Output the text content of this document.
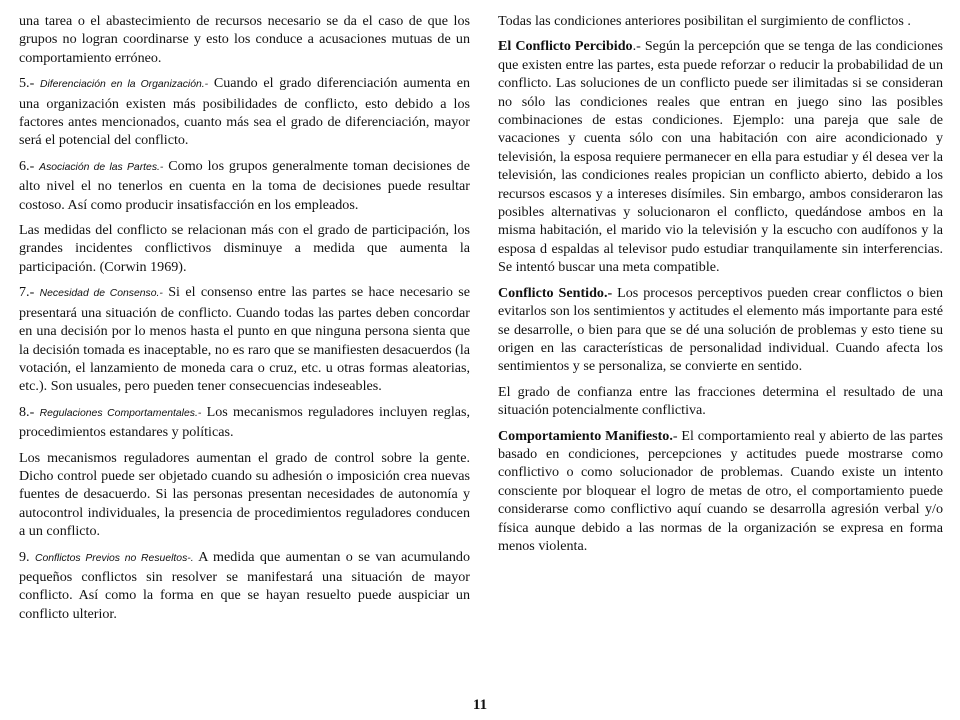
una tarea o el abastecimiento de recursos necesario se da el caso de que los grupos no logran coordinarse y esto los conduce a acusaciones mutuas de un comportamiento erróneo.

5.- Diferenciación en la Organización.- Cuando el grado diferenciación aumenta en una organización existen más posibilidades de conflicto, esto debido a los factores antes mencionados, cuanto más sea el grado de diferenciación, mayor será el potencial del conflicto.

6.- Asociación de las Partes.- Como los grupos generalmente toman decisiones de alto nivel el no tenerlos en cuenta en la toma de decisiones puede resultar costoso. Así como producir insatisfacción en los empleados.

Las medidas del conflicto se relacionan más con el grado de participación, los grandes incidentes conflictivos disminuye a medida que aumenta la participación. (Corwin 1969).

7.- Necesidad de Consenso.- Si el consenso entre las partes se hace necesario se presentará una situación de conflicto. Cuando todas las partes deben concordar en una decisión por lo menos hasta el punto en que ninguna persona sienta que la decisión tomada es inaceptable, no es raro que se manifiesten desacuerdos (la votación, el lanzamiento de moneda cara o cruz, etc. u otras formas aleatorias, etc.). Son usuales, pero pueden tener consecuencias indeseables.

8.- Regulaciones Comportamentales.- Los mecanismos reguladores incluyen reglas, procedimientos estandares y políticas.

Los mecanismos reguladores aumentan el grado de control sobre la gente. Dicho control puede ser objetado cuando su adhesión o imposición crea nuevas fuentes de desacuerdo. Si las personas presentan necesidades de autonomía y autocontrol individuales, la presencia de procedimientos reguladores conducen a un conflicto.

9. Conflictos Previos no Resueltos-. A medida que aumentan o se van acumulando pequeños conflictos sin resolver se manifestará una situación de mayor conflicto. Así como la forma en que se hayan resuelto puede auspiciar un conflicto ulterior.

Todas las condiciones anteriores posibilitan el surgimiento de conflictos .

El Conflicto Percibido.- Según la percepción que se tenga de las condiciones que existen entre las partes, esta puede reforzar o reducir la probabilidad de un conflicto. Las soluciones de un conflicto puede ser ilimitadas si se consideran no sólo las condiciones reales que entran en juego sino las posibles combinaciones de estas condiciones. Ejemplo: una pareja que sale de vacaciones y cuenta sólo con una habitación con aire acondicionado y televisión, la esposa requiere permanecer en ella para estudiar y él desea ver la televisión, las condiciones reales propician un conflicto abierto, debido a los recursos escasos y a intereses disímiles. Sin embargo, ambos consideraron las posibles alternativas y solucionaron el conflicto, quedándose ambos en la misma habitación, el marido vio la televisión y la escucho con audífonos y la esposa d espaldas al televisor pudo estudiar tranquilamente sin interferencias. Se intentó buscar una meta compatible.

Conflicto Sentido.- Los procesos perceptivos pueden crear conflictos o bien evitarlos son los sentimientos y actitudes el elemento más importante para esté se desarrolle, o bien para que se dé una solución de problemas y esto tiene su origen en las características de personalidad individual. Cuando afecta los sentimientos y se personaliza, se convierte en sentido.

El grado de confianza entre las fracciones determina el resultado de una situación potencialmente conflictiva.

Comportamiento Manifiesto.- El comportamiento real y abierto de las partes basado en condiciones, percepciones y actitudes puede mostrarse como conflictivo o como solucionador de problemas. Cuando existe un intento consciente por bloquear el logro de metas de otro, el comportamiento puede considerarse como conflictivo aquí cuando se desarrolla agresión verbal y/o física aunque debido a las normas de la organización se expresa en forma menos violenta.

11
